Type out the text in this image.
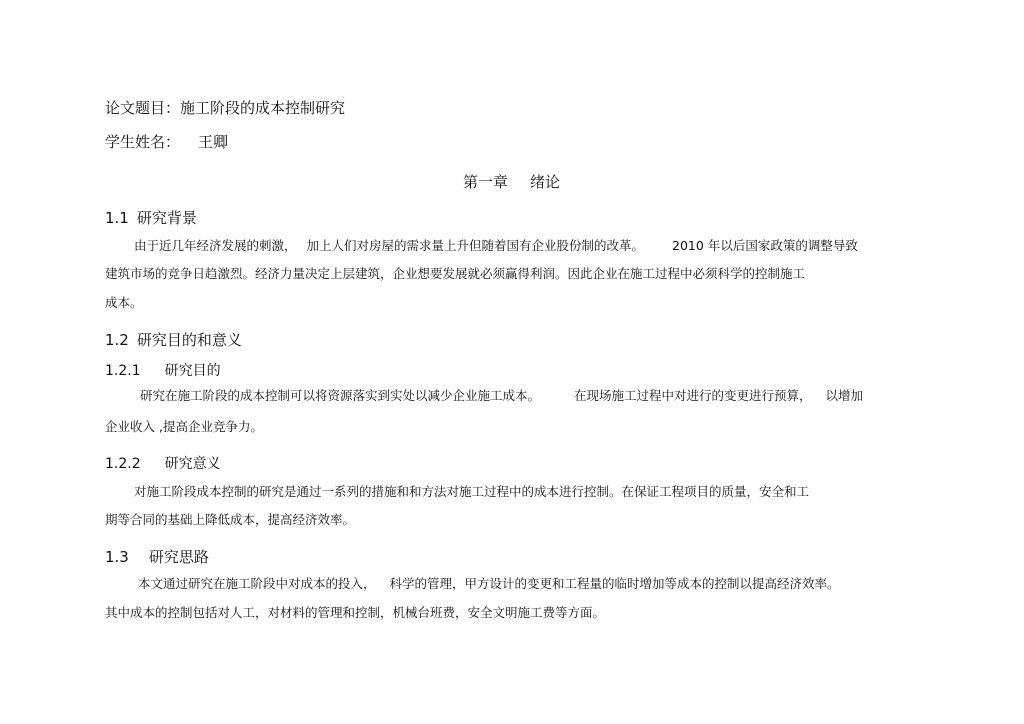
论文题目：施工阶段的成本控制研究
学生姓名： 王卿
第一章 绪论
1.1 研究背景
由于近几年经济发展的刺激， 加上人们对房屋的需求量上升但随着国有企业股份制的改革。 2010 年以后国家政策的调整导致
建筑市场的竞争日趋激烈。经济力量决定上层建筑，企业想要发展就必须赢得利润。因此企业在施工过程中必须科学的控制施工
成本。
1.2 研究目的和意义
1.2.1 研究目的
研究在施工阶段的成本控制可以将资源落实到实处以减少企业施工成本。	在现场施工过程中对进行的变更进行预算， 以增加
企业收入 ,提高企业竞争力。
1.2.2 研究意义
对施工阶段成本控制的研究是通过一系列的措施和和方法对施工过程中的成本进行控制。在保证工程项目的质量，安全和工
期等合同的基础上降低成本，提高经济效率。
1.3 研究思路
本文通过研究在施工阶段中对成本的投入， 科学的管理，甲方设计的变更和工程量的临时增加等成本的控制以提高经济效率。
其中成本的控制包括对人工，对材料的管理和控制，机械台班费，安全文明施工费等方面。
